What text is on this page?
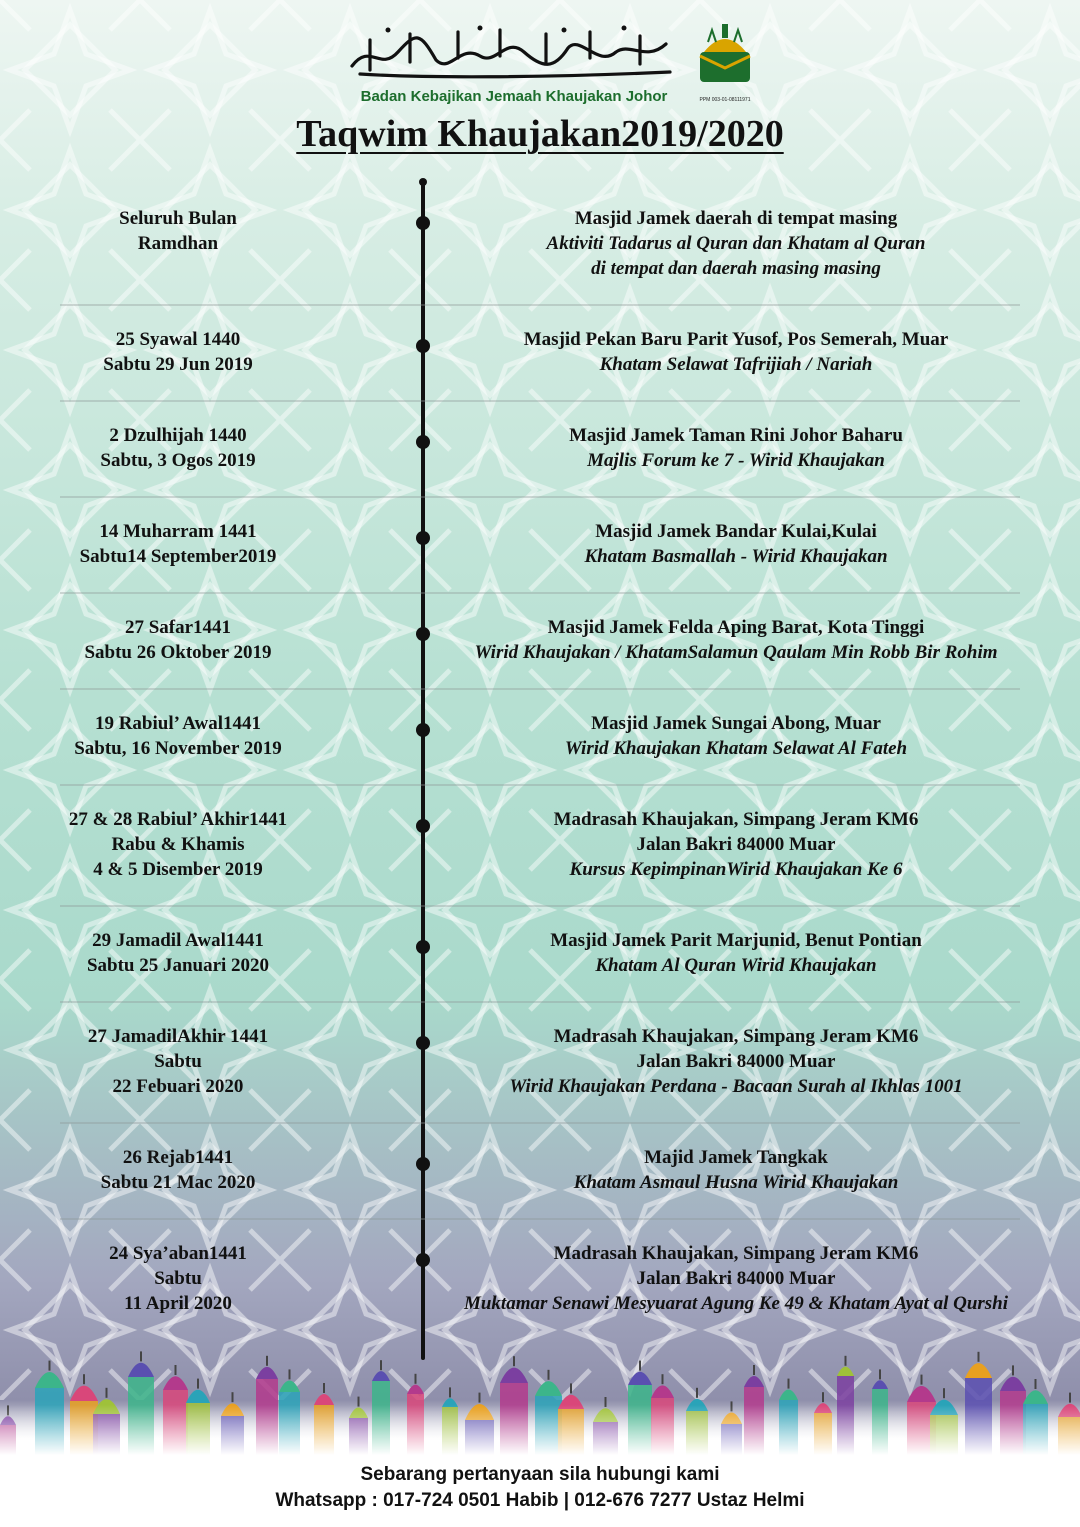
Badan Kebajikan Jemaah Khaujakan Johor	PPM 003-01-08111971
Taqwim Khaujakan2019/2020
Seluruh Bulan
Ramdhan
Masjid Jamek daerah di tempat masing
Aktiviti Tadarus al Quran dan Khatam al Quran
di tempat dan daerah masing masing
25 Syawal 1440
Sabtu 29 Jun 2019
Masjid Pekan Baru Parit Yusof, Pos Semerah, Muar
Khatam Selawat Tafrijiah / Nariah
2 Dzulhijah 1440
Sabtu, 3 Ogos 2019
Masjid Jamek Taman Rini Johor Baharu
Majlis Forum ke 7 - Wirid Khaujakan
14 Muharram 1441
Sabtu14 September2019
Masjid Jamek Bandar Kulai,Kulai
Khatam Basmallah - Wirid Khaujakan
27 Safar1441
Sabtu 26 Oktober 2019
Masjid Jamek Felda Aping Barat, Kota Tinggi
Wirid Khaujakan / KhatamSalamun Qaulam Min Robb Bir Rohim
19 Rabiul’ Awal1441
Sabtu, 16 November 2019
Masjid Jamek Sungai Abong, Muar
Wirid Khaujakan Khatam Selawat Al Fateh
27 & 28 Rabiul’ Akhir1441
Rabu & Khamis
4 & 5 Disember 2019
Madrasah Khaujakan, Simpang Jeram KM6
Jalan Bakri 84000 Muar
Kursus KepimpinanWirid Khaujakan Ke 6
29 Jamadil Awal1441
Sabtu 25 Januari 2020
Masjid Jamek Parit Marjunid, Benut Pontian
Khatam Al Quran Wirid Khaujakan
27 JamadilAkhir 1441
Sabtu
22 Febuari 2020
Madrasah Khaujakan, Simpang Jeram KM6
Jalan Bakri 84000 Muar
Wirid Khaujakan Perdana - Bacaan Surah al Ikhlas 1001
26 Rejab1441
Sabtu 21 Mac 2020
Majid Jamek Tangkak
Khatam Asmaul Husna Wirid Khaujakan
24 Sya’aban1441
Sabtu
11 April 2020
Madrasah Khaujakan, Simpang Jeram KM6
Jalan Bakri 84000 Muar
Muktamar Senawi Mesyuarat Agung Ke 49 & Khatam Ayat al Qurshi
Sebarang pertanyaan sila hubungi kami
Whatsapp : 017-724 0501 Habib | 012-676 7277 Ustaz Helmi
